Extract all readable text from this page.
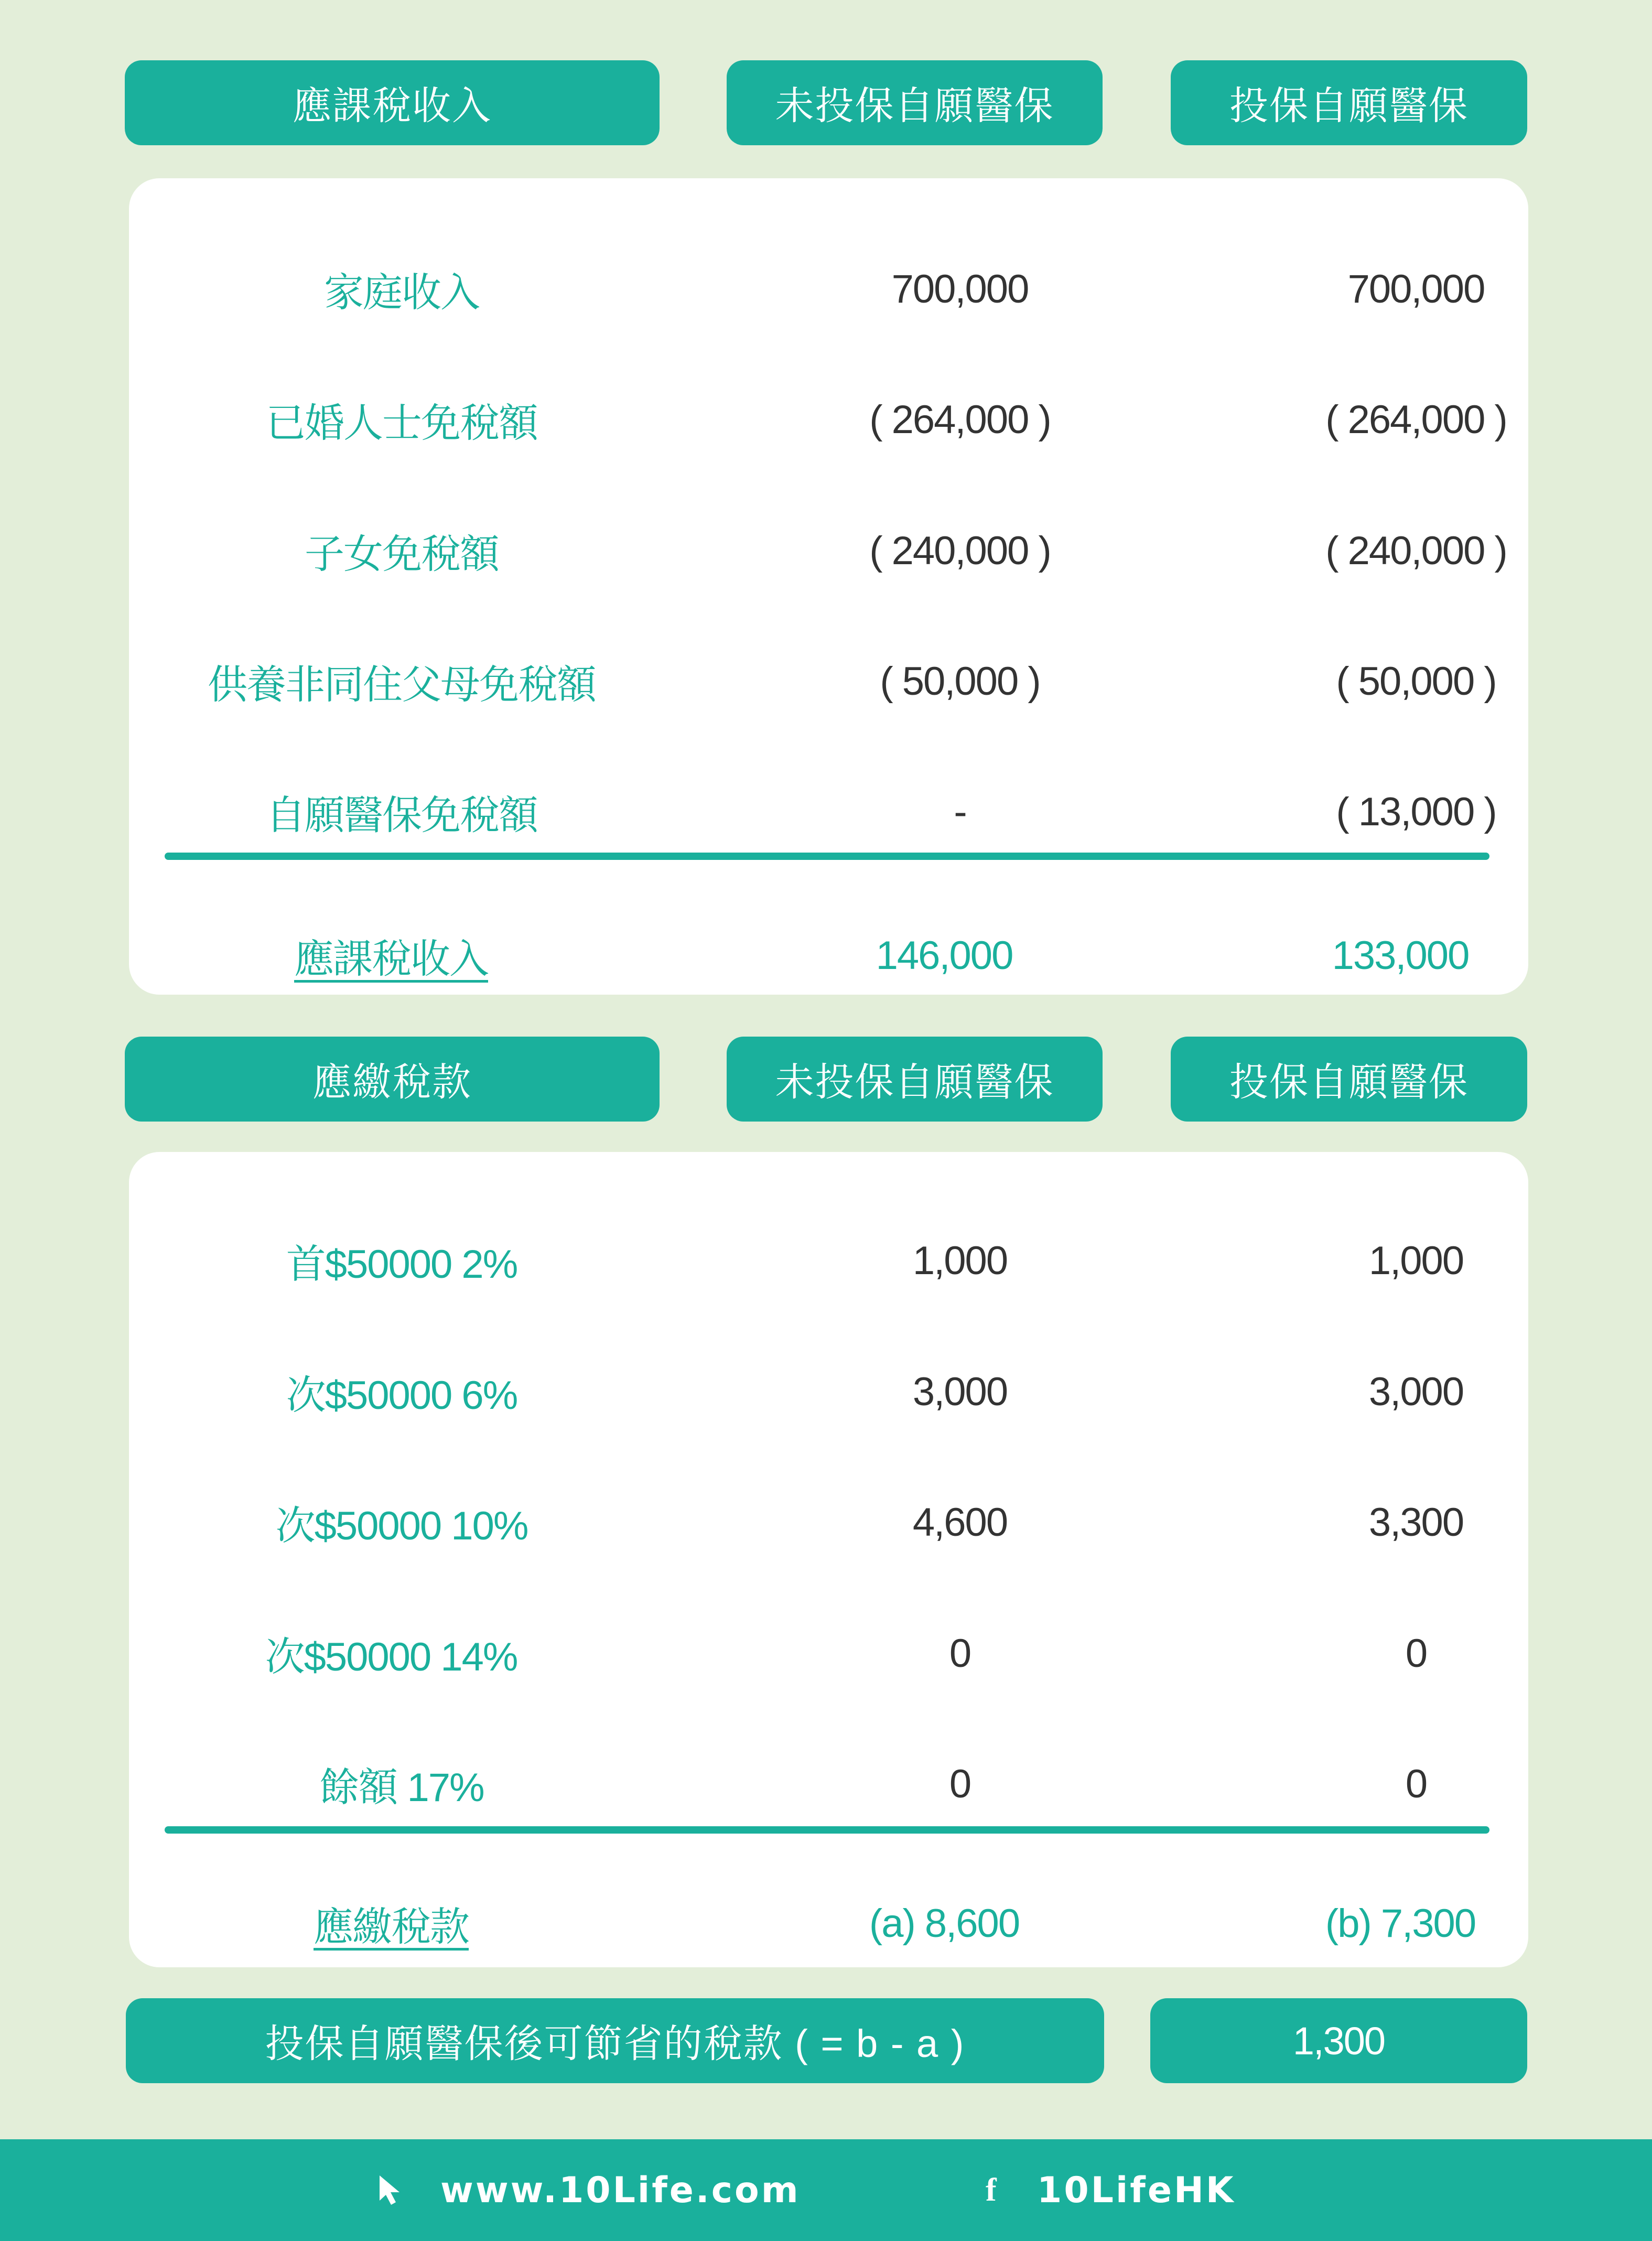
應課稅收入	未投保自願醫保	投保自願醫保
家庭收入	700,000	700,000
已婚人士免稅額	( 264,000 )	( 264,000 )
子女免稅額	( 240,000 )	( 240,000 )
供養非同住父母免稅額	( 50,000 )	( 50,000 )
自願醫保免稅額	-	( 13,000 )
應課稅收入	146,000	133,000
應繳稅款	未投保自願醫保	投保自願醫保
首$50000 2%	1,000	1,000
次$50000 6%	3,000	3,000
次$50000 10%	4,600	3,300
次$50000 14%	0	0
餘額 17%	0	0
應繳稅款	(a) 8,600	(b) 7,300
投保自願醫保後可節省的稅款 ( = b - a )	1,300
www.10Life.com	f 10LifeHK
